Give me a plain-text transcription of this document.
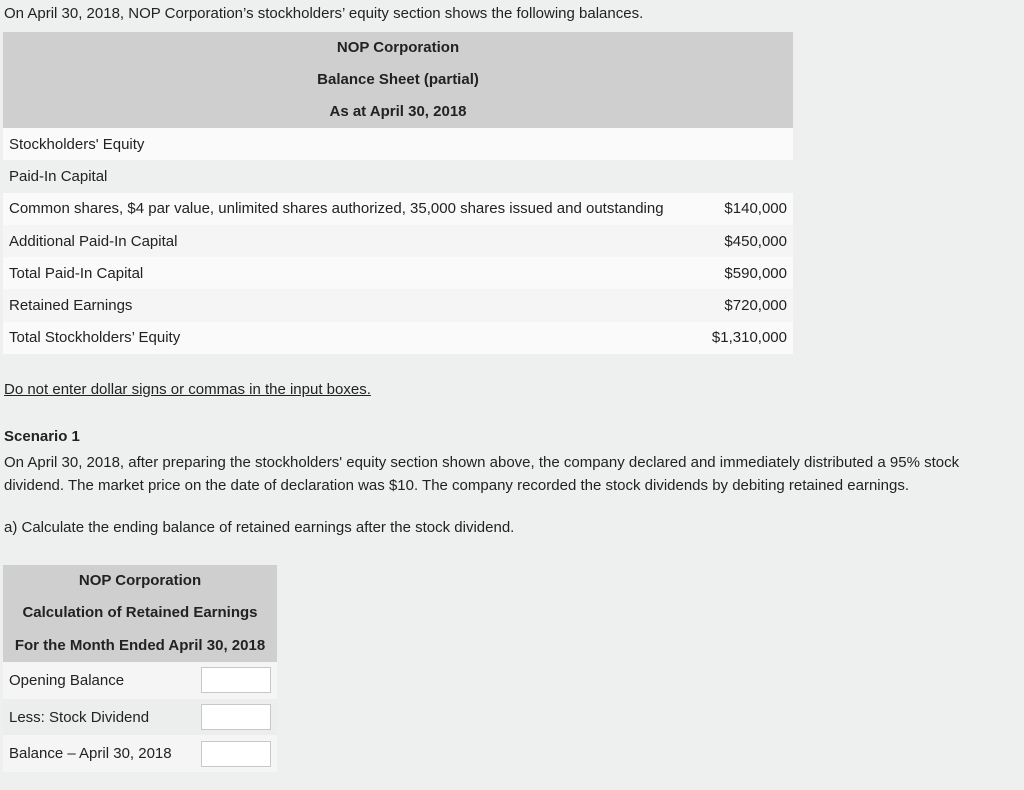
On April 30, 2018, NOP Corporation’s stockholders’ equity section shows the following balances.
NOP Corporation
Balance Sheet (partial)
As at April 30, 2018
Stockholders' Equity
Paid-In Capital
Common shares, $4 par value, unlimited shares authorized, 35,000 shares issued and outstanding	$140,000
Additional Paid-In Capital	$450,000
Total Paid-In Capital	$590,000
Retained Earnings	$720,000
Total Stockholders’ Equity	$1,310,000
Do not enter dollar signs or commas in the input boxes.
Scenario 1
On April 30, 2018, after preparing the stockholders' equity section shown above, the company declared and immediately distributed a 95% stock dividend. The market price on the date of declaration was $10. The company recorded the stock dividends by debiting retained earnings.
a) Calculate the ending balance of retained earnings after the stock dividend.
NOP Corporation
Calculation of Retained Earnings
For the Month Ended April 30, 2018
Opening Balance
Less: Stock Dividend
Balance – April 30, 2018
